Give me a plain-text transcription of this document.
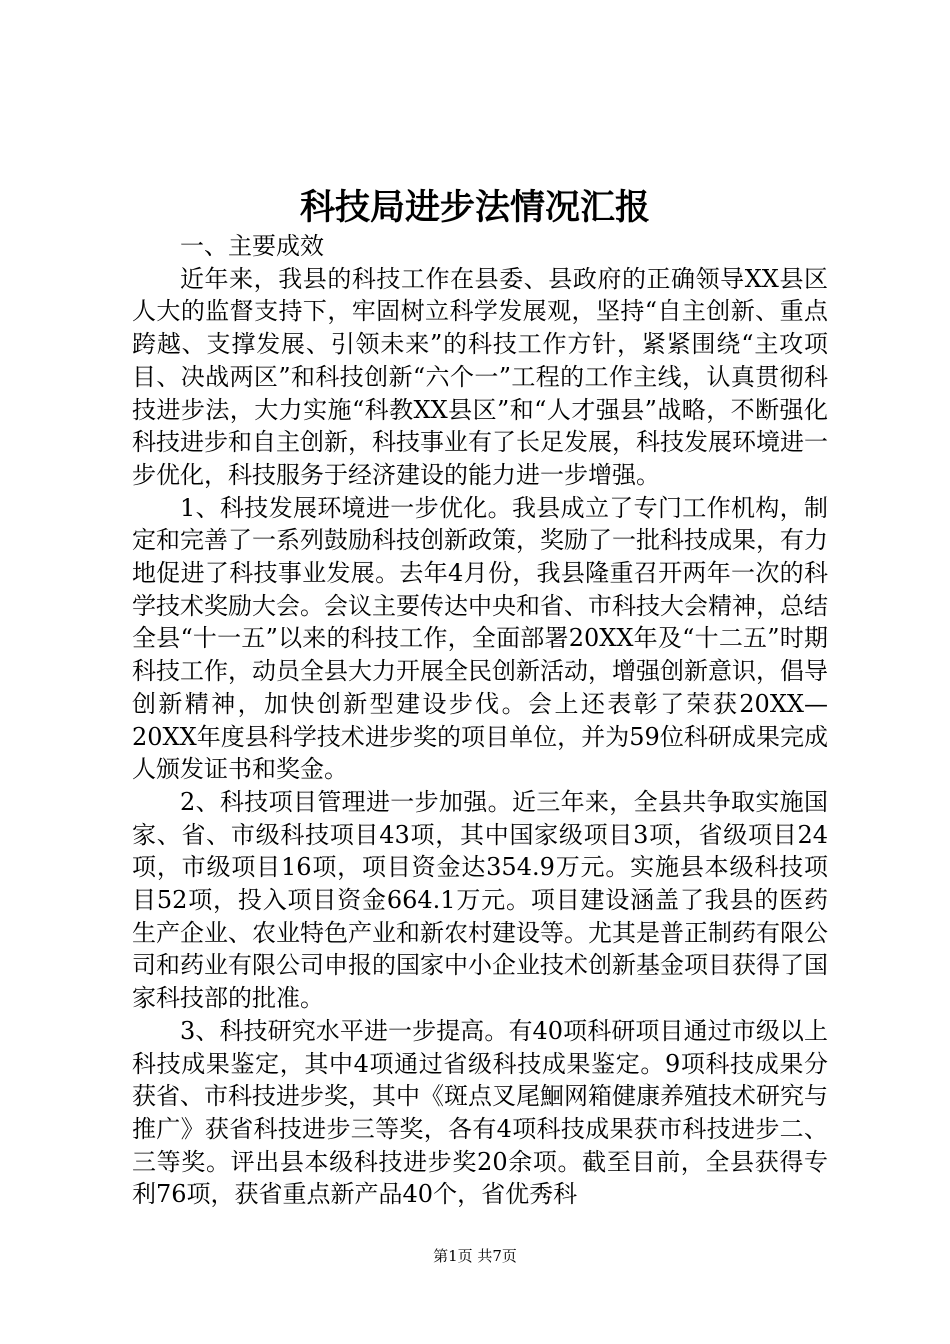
科技局进步法情况汇报

一、主要成效

近年来，我县的科技工作在县委、县政府的正确领导XX县区人大的监督支持下，牢固树立科学发展观，坚持“自主创新、重点跨越、支撑发展、引领未来”的科技工作方针，紧紧围绕“主攻项目、决战两区”和科技创新“六个一”工程的工作主线，认真贯彻科技进步法，大力实施“科教XX县区”和“人才强县”战略，不断强化科技进步和自主创新，科技事业有了长足发展，科技发展环境进一步优化，科技服务于经济建设的能力进一步增强。

1、科技发展环境进一步优化。我县成立了专门工作机构，制定和完善了一系列鼓励科技创新政策，奖励了一批科技成果，有力地促进了科技事业发展。去年4月份，我县隆重召开两年一次的科学技术奖励大会。会议主要传达中央和省、市科技大会精神，总结全县“十一五”以来的科技工作，全面部署20XX年及“十二五”时期科技工作，动员全县大力开展全民创新活动，增强创新意识，倡导创新精神，加快创新型建设步伐。会上还表彰了荣获20XX—20XX年度县科学技术进步奖的项目单位，并为59位科研成果完成人颁发证书和奖金。

2、科技项目管理进一步加强。近三年来，全县共争取实施国家、省、市级科技项目43项，其中国家级项目3项，省级项目24项，市级项目16项，项目资金达354.9万元。实施县本级科技项目52项，投入项目资金664.1万元。项目建设涵盖了我县的医药生产企业、农业特色产业和新农村建设等。尤其是普正制药有限公司和药业有限公司申报的国家中小企业技术创新基金项目获得了国家科技部的批准。

3、科技研究水平进一步提高。有40项科研项目通过市级以上科技成果鉴定，其中4项通过省级科技成果鉴定。9项科技成果分获省、市科技进步奖，其中《斑点叉尾鮰网箱健康养殖技术研究与推广》获省科技进步三等奖，各有4项科技成果获市科技进步二、三等奖。评出县本级科技进步奖20余项。截至目前，全县获得专利76项，获省重点新产品40个，省优秀科

第1页 共7页
